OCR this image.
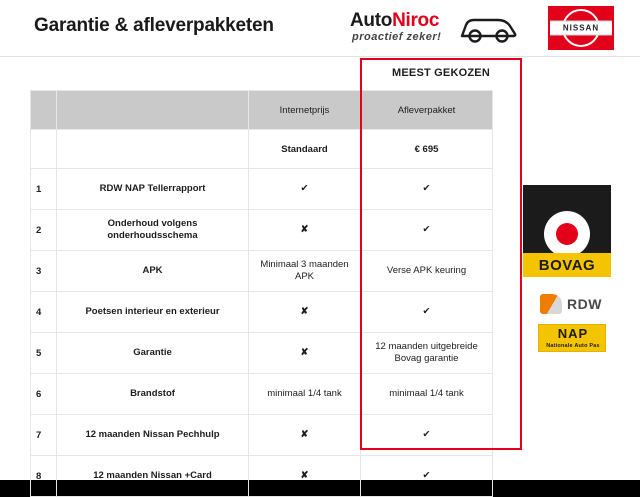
Garantie & afleverpakketen	AutoNiroc
proactief zeker!
NISSAN
		Internetprijs	Afleverpakket
		Standaard	€ 695
1	RDW NAP Tellerrapport	✔	✔
2	Onderhoud volgens onderhoudsschema	✘	✔
3	APK	Minimaal 3 maanden APK	Verse APK keuring
4	Poetsen interieur en exterieur	✘	✔
5	Garantie	✘	12 maanden uitgebreide Bovag garantie
6	Brandstof	minimaal 1/4 tank	minimaal 1/4 tank
7	12 maanden Nissan Pechhulp	✘	✔
8	12 maanden Nissan +Card	✘	✔
MEEST GEKOZEN
BOVAG
RDW
NAP
Nationale Auto Pas
